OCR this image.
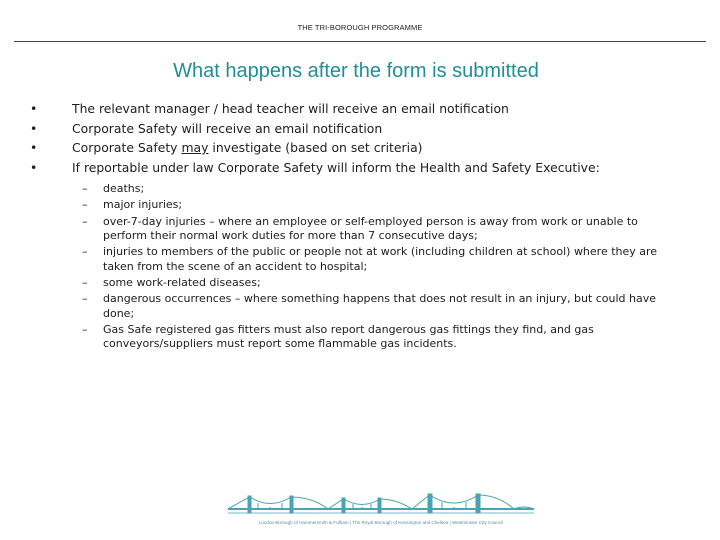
THE TRI-BOROUGH PROGRAMME
What happens after the form is submitted
•	The relevant manager / head teacher will receive an email notification
•	Corporate Safety will receive an email notification
•	Corporate Safety may investigate (based on set criteria)
•	If reportable under law Corporate Safety will inform the Health and Safety Executive:
– deaths;
– major injuries;
– over-7-day injuries – where an employee or self-employed person is away from work or unable to perform their normal work duties for more than 7 consecutive days;
– injuries to members of the public or people not at work (including children at school) where they are taken from the scene of an accident to hospital;
– some work-related diseases;
– dangerous occurrences – where something happens that does not result in an injury, but could have done;
– Gas Safe registered gas fitters must also report dangerous gas fittings they find, and gas conveyors/suppliers must report some flammable gas incidents.
London Borough of Hammersmith & Fulham | The Royal Borough of Kensington and Chelsea | Westminster City Council
